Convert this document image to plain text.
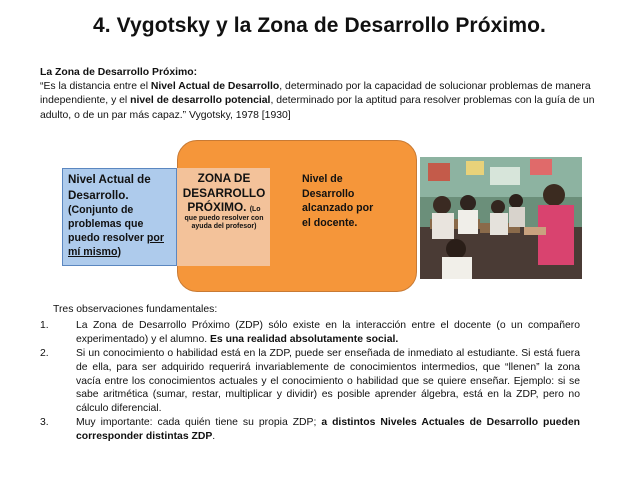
4. Vygotsky y la Zona de Desarrollo Próximo.
La Zona de Desarrollo Próximo:
“Es la distancia entre el Nivel Actual de Desarrollo, determinado por la capacidad de solucionar problemas de manera independiente, y el nivel de desarrollo potencial, determinado por la aptitud para resolver problemas con la guía de un adulto, o de un par más capaz.” Vygotsky, 1978 [1930]
Nivel Actual de Desarrollo.
(Conjunto de problemas que puedo resolver por mí mismo)
ZONA DE DESARROLLO PRÓXIMO. (Lo
que puedo resolver con ayuda del profesor)
Nivel de Desarrollo alcanzado por el docente.
Tres observaciones fundamentales:
1.	La Zona de Desarrollo Próximo (ZDP) sólo existe en la interacción entre el docente (o un compañero experimentado) y el alumno. Es una realidad absolutamente social.
2.	Si un conocimiento o habilidad está en la ZDP, puede ser enseñada de inmediato al estudiante. Si está fuera de ella, para ser adquirido requerirá invariablemente de conocimientos intermedios, que “llenen” la zona vacía entre los conocimientos actuales y el conocimiento o habilidad que se quiere enseñar. Ejemplo: si se sabe aritmética (sumar, restar, multiplicar y dividir) es posible aprender álgebra, está en la ZDP, pero no cálculo diferencial.
3.	Muy importante: cada quién tiene su propia ZDP; a distintos Niveles Actuales de Desarrollo pueden corresponder distintas ZDP.
